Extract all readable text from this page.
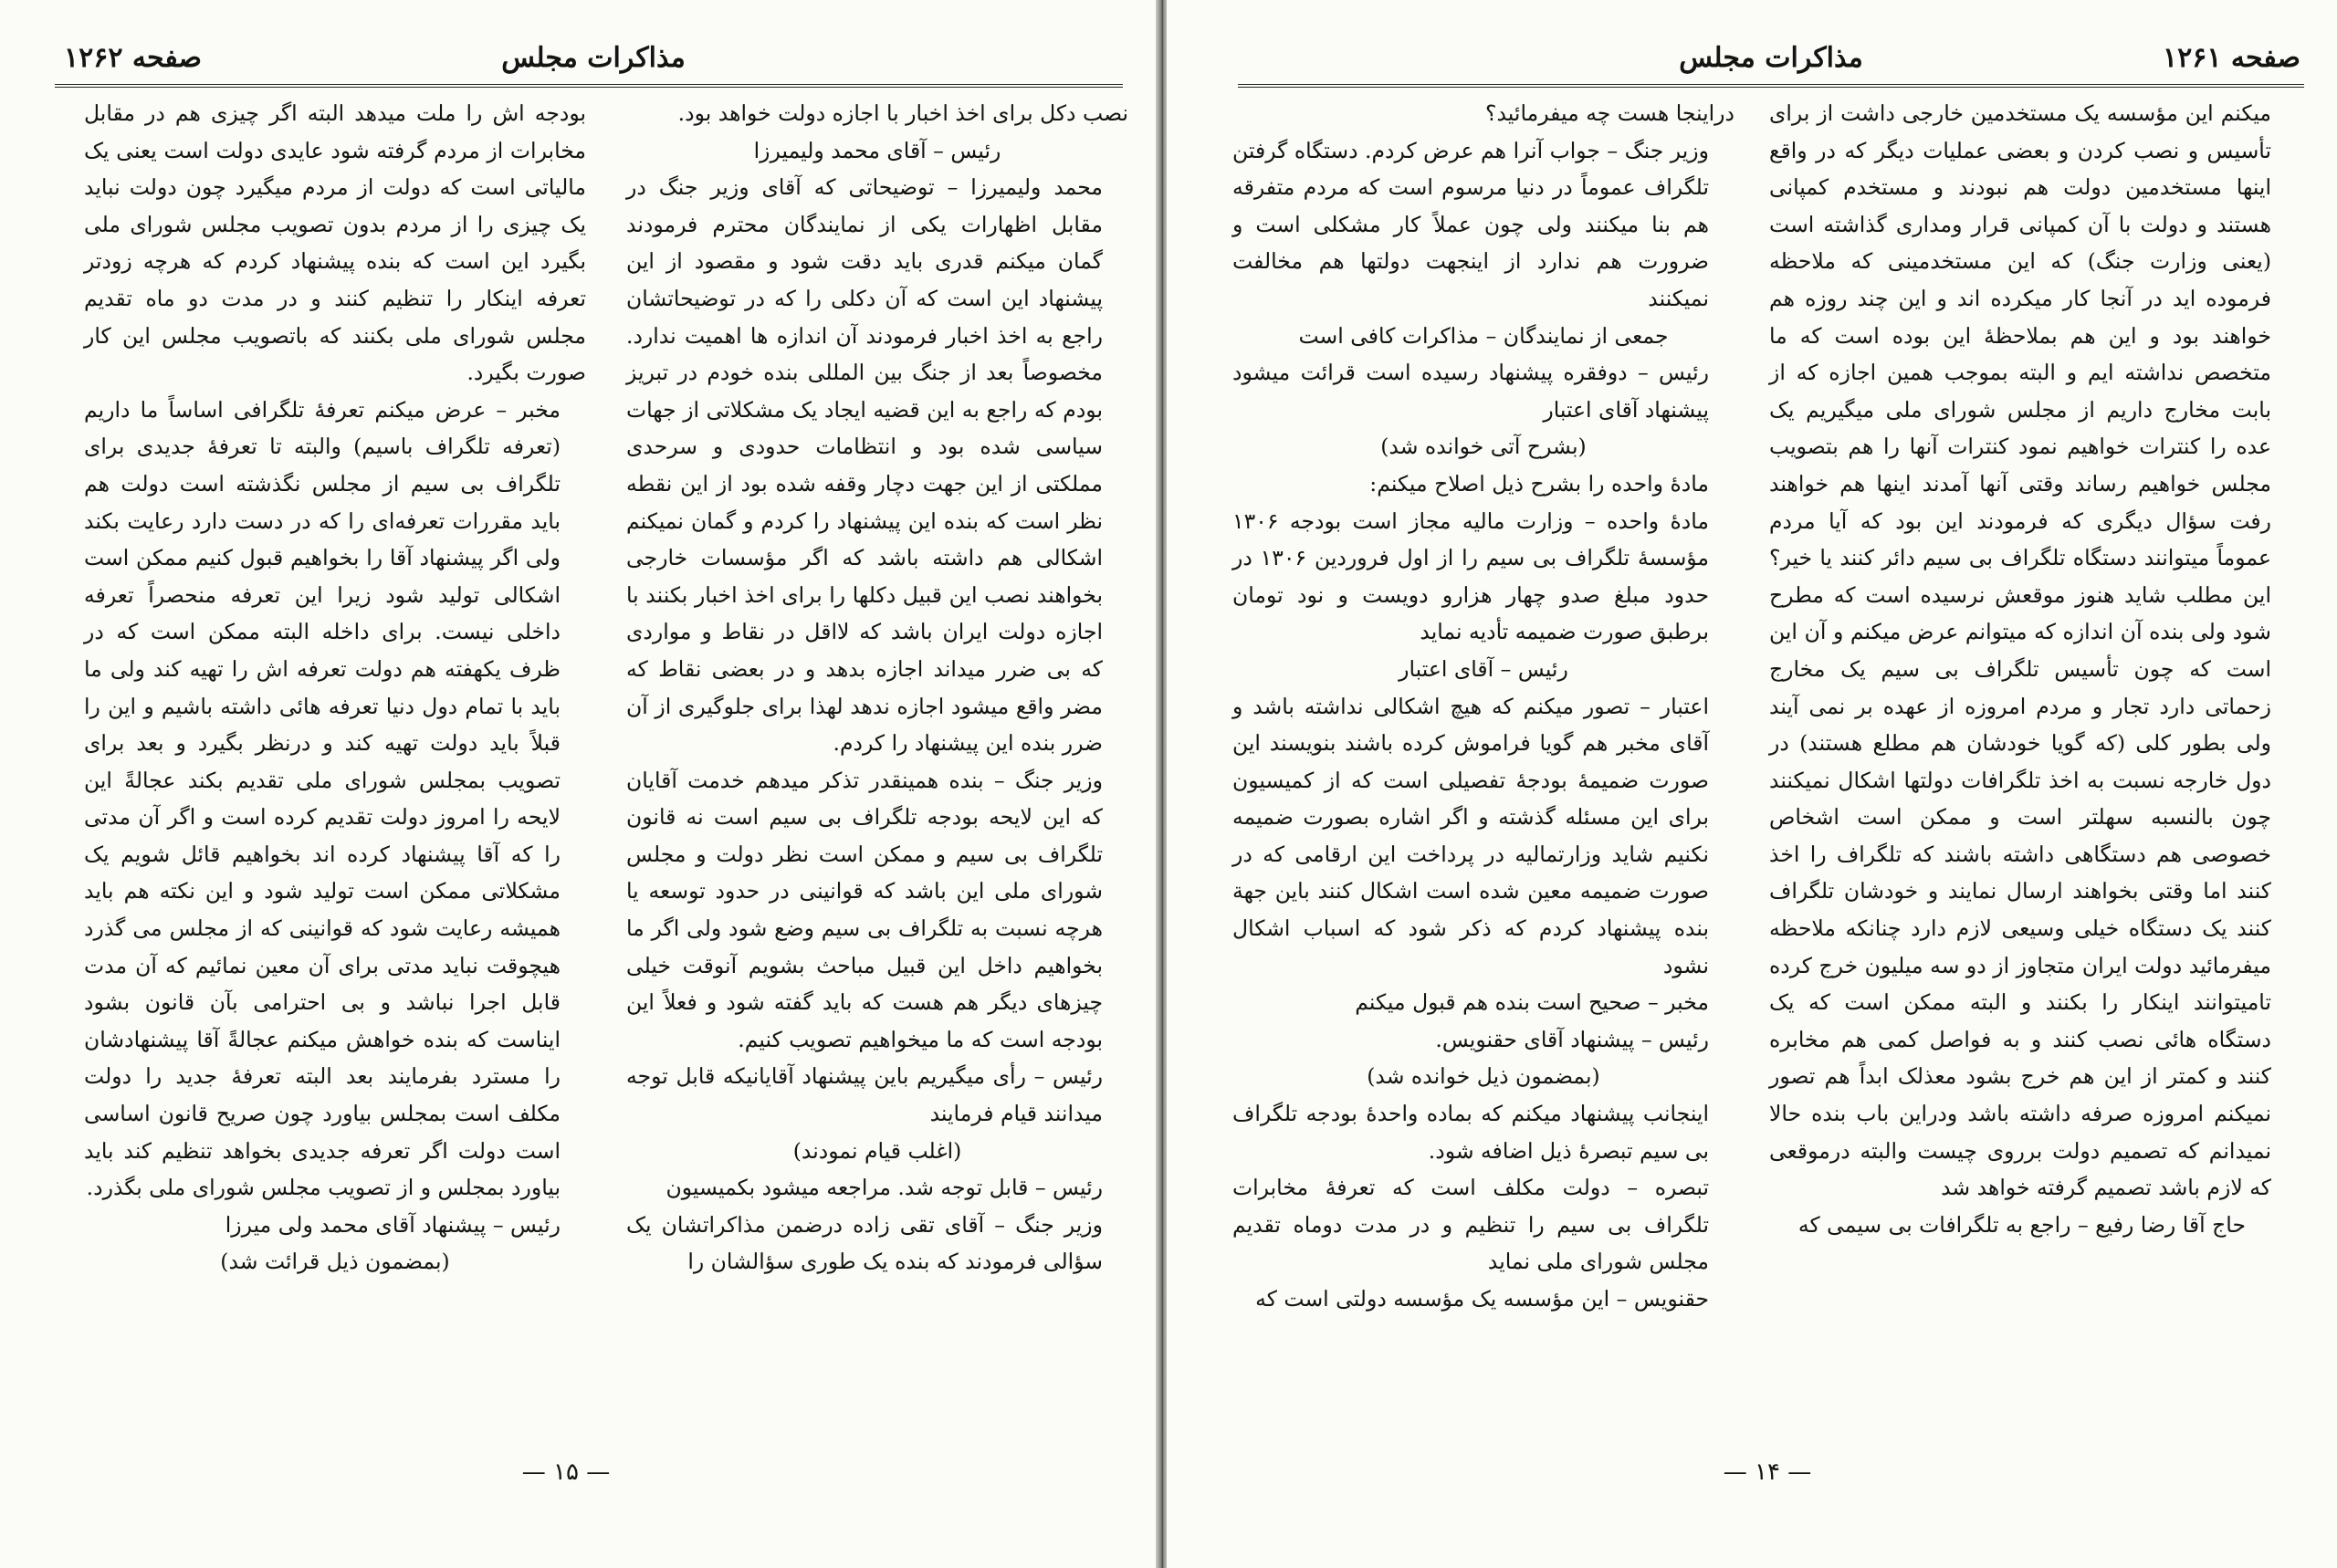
صفحه ۱۲۶۲	مذاکرات مجلس

نصب دکل برای اخذ اخبار با اجازه دولت خواهد بود.

رئیس – آقای محمد ولیمیرزا

محمد ولیمیرزا – توضیحاتی که آقای وزیر جنگ در مقابل اظهارات یکی از نمایندگان محترم فرمودند گمان میکنم قدری باید دقت شود و مقصود از این پیشنهاد این است که آن دکلی را که در توضیحاتشان راجع به اخذ اخبار فرمودند آن اندازه ها اهمیت ندارد. مخصوصاً بعد از جنگ بین المللی بنده خودم در تبریز بودم که راجع به این قضیه ایجاد یک مشکلاتی از جهات سیاسی شده بود و انتظامات حدودی و سرحدی مملکتی از این جهت دچار وقفه شده بود از این نقطه نظر است که بنده این پیشنهاد را کردم و گمان نمیکنم اشکالی هم داشته باشد که اگر مؤسسات خارجی بخواهند نصب این قبیل دکلها را برای اخذ اخبار بکنند با اجازه دولت ایران باشد که لااقل در نقاط و مواردی که بی ضرر میداند اجازه بدهد و در بعضی نقاط که مضر واقع میشود اجازه ندهد لهذا برای جلوگیری از آن ضرر بنده این پیشنهاد را کردم.

وزیر جنگ – بنده همینقدر تذکر میدهم خدمت آقایان که این لایحه بودجه تلگراف بی سیم است نه قانون تلگراف بی سیم و ممکن است نظر دولت و مجلس شورای ملی این باشد که قوانینی در حدود توسعه یا هرچه نسبت به تلگراف بی سیم وضع شود ولی اگر ما بخواهیم داخل این قبیل مباحث بشویم آنوقت خیلی چیزهای دیگر هم هست که باید گفته شود و فعلاً این بودجه است که ما میخواهیم تصویب کنیم.

رئیس – رأی میگیریم باین پیشنهاد آقایانیکه قابل توجه میدانند قیام فرمایند

(اغلب قیام نمودند)

رئیس – قابل توجه شد. مراجعه میشود بکمیسیون

وزیر جنگ – آقای تقی زاده درضمن مذاکراتشان یک سؤالی فرمودند که بنده یک طوری سؤالشان را

بودجه اش را ملت میدهد البته اگر چیزی هم در مقابل مخابرات از مردم گرفته شود عایدی دولت است یعنی یک مالیاتی است که دولت از مردم میگیرد چون دولت نباید یک چیزی را از مردم بدون تصویب مجلس شورای ملی بگیرد این است که بنده پیشنهاد کردم که هرچه زودتر تعرفه اینکار را تنظیم کنند و در مدت دو ماه تقدیم مجلس شورای ملی بکنند که باتصویب مجلس این کار صورت بگیرد.

مخبر – عرض میکنم تعرفهٔ تلگرافی اساساً ما داریم (تعرفه تلگراف باسیم) والبته تا تعرفهٔ جدیدی برای تلگراف بی سیم از مجلس نگذشته است دولت هم باید مقررات تعرفه‌ای را که در دست دارد رعایت بکند ولی اگر پیشنهاد آقا را بخواهیم قبول کنیم ممکن است اشکالی تولید شود زیرا این تعرفه منحصراً تعرفه داخلی نیست. برای داخله البته ممکن است که در ظرف یکهفته هم دولت تعرفه اش را تهیه کند ولی ما باید با تمام دول دنیا تعرفه هائی داشته باشیم و این را قبلاً باید دولت تهیه کند و درنظر بگیرد و بعد برای تصویب بمجلس شورای ملی تقدیم بکند عجالةً این لایحه را امروز دولت تقدیم کرده است و اگر آن مدتی را که آقا پیشنهاد کرده اند بخواهیم قائل شویم یک مشکلاتی ممکن است تولید شود و این نکته هم باید همیشه رعایت شود که قوانینی که از مجلس می گذرد هیچوقت نباید مدتی برای آن معین نمائیم که آن مدت قابل اجرا نباشد و بی احترامی بآن قانون بشود اینا‌ست که بنده خواهش میکنم عجالةً آقا پیشنهادشان را مسترد بفرمایند بعد البته تعرفهٔ جدید را دولت مکلف است بمجلس بیاورد چون صریح قانون اساسی است دولت اگر تعرفه جدیدی بخواهد تنظیم کند باید بیاورد بمجلس و از تصویب مجلس شورای ملی بگذرد.

رئیس – پیشنهاد آقای محمد ولی میرزا

(بمضمون ذیل قرائت شد)

— ۱۵ —
مذاکرات مجلس	صفحه ۱۲۶۱

میکنم این مؤسسه یک مستخدمین خارجی داشت از برای تأسیس و نصب کردن و بعضی عملیات دیگر که در واقع اینها مستخدمین دولت هم نبودند و مستخدم کمپانی هستند و دولت با آن کمپانی قرار ومداری گذاشته است (یعنی وزارت جنگ) که این مستخدمینی که ملاحظه فرموده اید در آنجا کار میکرده اند و این چند روزه هم خواهند بود و این هم بملاحظهٔ این بوده است که ما متخصص نداشته ایم و البته بموجب همین اجازه که از بابت مخارج داریم از مجلس شورای ملی میگیریم یک عده را کنترات خواهیم نمود کنترات آنها را هم بتصویب مجلس خواهیم رساند وقتی آنها آمدند اینها هم خواهند رفت سؤال دیگری که فرمودند این بود که آیا مردم عموماً میتوانند دستگاه تلگراف بی سیم دائر کنند یا خیر؟ این مطلب شاید هنوز موقعش نرسیده است که مطرح شود ولی بنده آن اندازه که میتوانم عرض میکنم و آن این است که چون تأسیس تلگراف بی سیم یک مخارج زحماتی دارد تجار و مردم امروزه از عهده بر نمی آیند ولی بطور کلی (که گویا خودشان هم مطلع هستند) در دول خارجه نسبت به اخذ تلگرافات دولتها اشکال نمیکنند چون بالنسبه سهلتر است و ممکن است اشخاص خصوصی هم دستگاهی داشته باشند که تلگراف را اخذ کنند اما وقتی بخواهند ارسال نمایند و خودشان تلگراف کنند یک دستگاه خیلی وسیعی لازم دارد چنانکه ملاحظه میفرمائید دولت ایران متجاوز از دو سه میلیون خرج کرده تامیتوانند اینکار را بکنند و البته ممکن است که یک دستگاه هائی نصب کنند و به فواصل کمی هم مخابره کنند و کمتر از این هم خرج بشود معذلک ابداً هم تصور نمیکنم امروزه صرفه داشته باشد ودراین باب بنده حالا نمیدانم که تصمیم دولت برروی چیست والبته درموقعی که لازم باشد تصمیم گرفته خواهد شد

حاج آقا رضا رفیع – راجع به تلگرافات بی سیمی که

دراینجا هست چه میفرمائید؟

وزیر جنگ – جواب آنرا هم عرض کردم. دستگاه گرفتن تلگراف عموماً در دنیا مرسوم است که مردم متفرقه هم بنا میکنند ولی چون عملاً کار مشکلی است و ضرورت هم ندارد از اینجهت دولتها هم مخالفت نمیکنند

جمعی از نمایندگان – مذاکرات کافی است

رئیس – دوفقره پیشنهاد رسیده است قرائت میشود پیشنهاد آقای اعتبار

(بشرح آتی خوانده شد)

مادهٔ واحده را بشرح ذیل اصلاح میکنم:

مادهٔ واحده – وزارت مالیه مجاز است بودجه ۱۳۰۶ مؤسسهٔ تلگراف بی سیم را از اول فروردین ۱۳۰۶ در حدود مبلغ صدو چهار هزارو دویست و نود تومان برطبق صورت ضمیمه تأدیه نماید

رئیس – آقای اعتبار

اعتبار – تصور میکنم که هیچ اشکالی نداشته باشد و آقای مخبر هم گویا فراموش کرده باشند بنویسند این صورت ضمیمهٔ بودجهٔ تفصیلی است که از کمیسیون برای این مسئله گذشته و اگر اشاره بصورت ضمیمه نکنیم شاید وزارتمالیه در پرداخت این ارقامی که در صورت ضمیمه معین شده است اشکال کنند باین جهة بنده پیشنهاد کردم که ذکر شود که اسباب اشکال نشود

مخبر – صحیح است بنده هم قبول میکنم

رئیس – پیشنهاد آقای حقنویس.

(بمضمون ذیل خوانده شد)

اینجانب پیشنهاد میکنم که بماده واحدهٔ بودجه تلگراف بی سیم تبصرهٔ ذیل اضافه شود.

تبصره – دولت مکلف است که تعرفهٔ مخابرات تلگراف بی سیم را تنظیم و در مدت دوماه تقدیم مجلس شورای ملی نماید

حقنویس – این مؤسسه یک مؤسسه دولتی است که

— ۱۴ —
